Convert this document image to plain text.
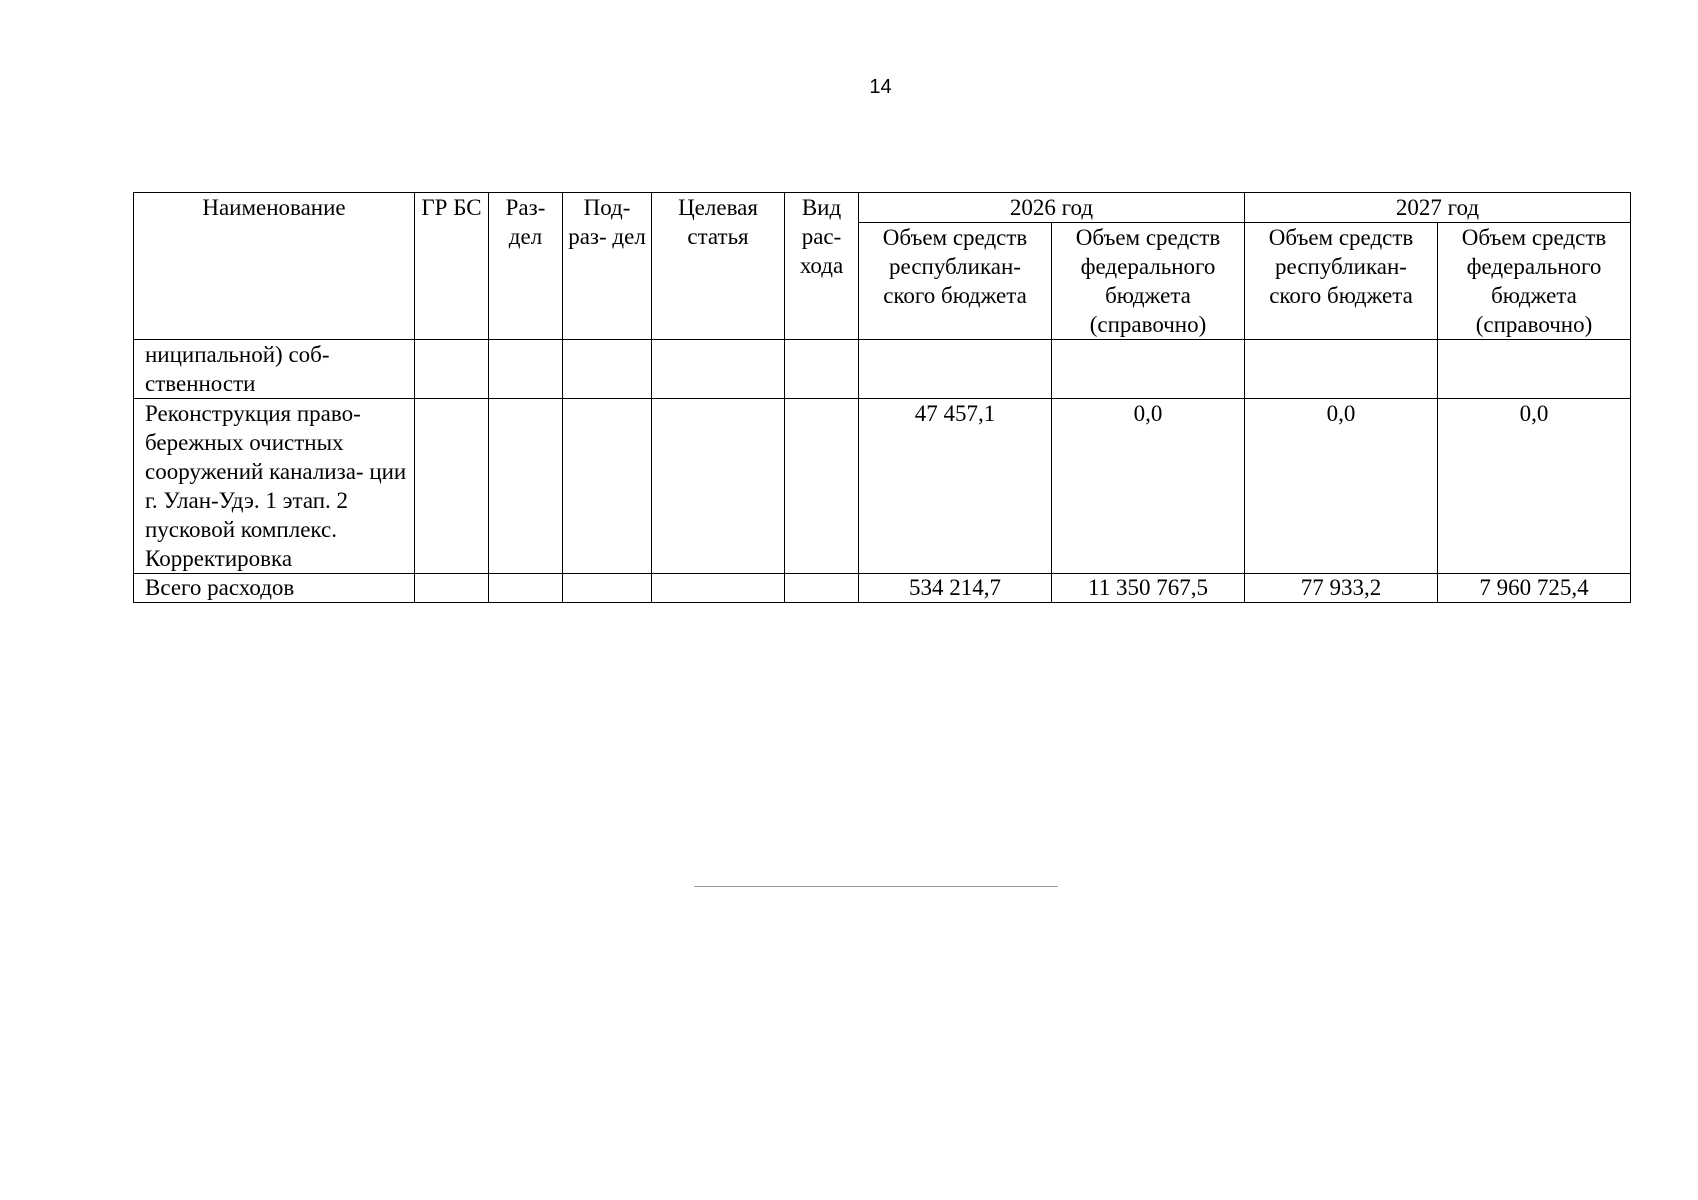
14
Наименование	ГР БС	Раз- дел	Под- раз- дел	Целевая статья	Вид рас- хода	2026 год		2027 год	
						Объем средств республикан- ского бюджета	Объем средств федерального бюджета (справочно)	Объем средств республикан- ского бюджета	Объем средств федерального бюджета (справочно)
ниципальной) соб- ственности									
Реконструкция право- бережных очистных сооружений канализа- ции г. Улан-Удэ. 1 этап. 2 пусковой комплекс. Корректировка						47 457,1	0,0	0,0	0,0
Всего расходов						534 214,7	11 350 767,5	77 933,2	7 960 725,4
